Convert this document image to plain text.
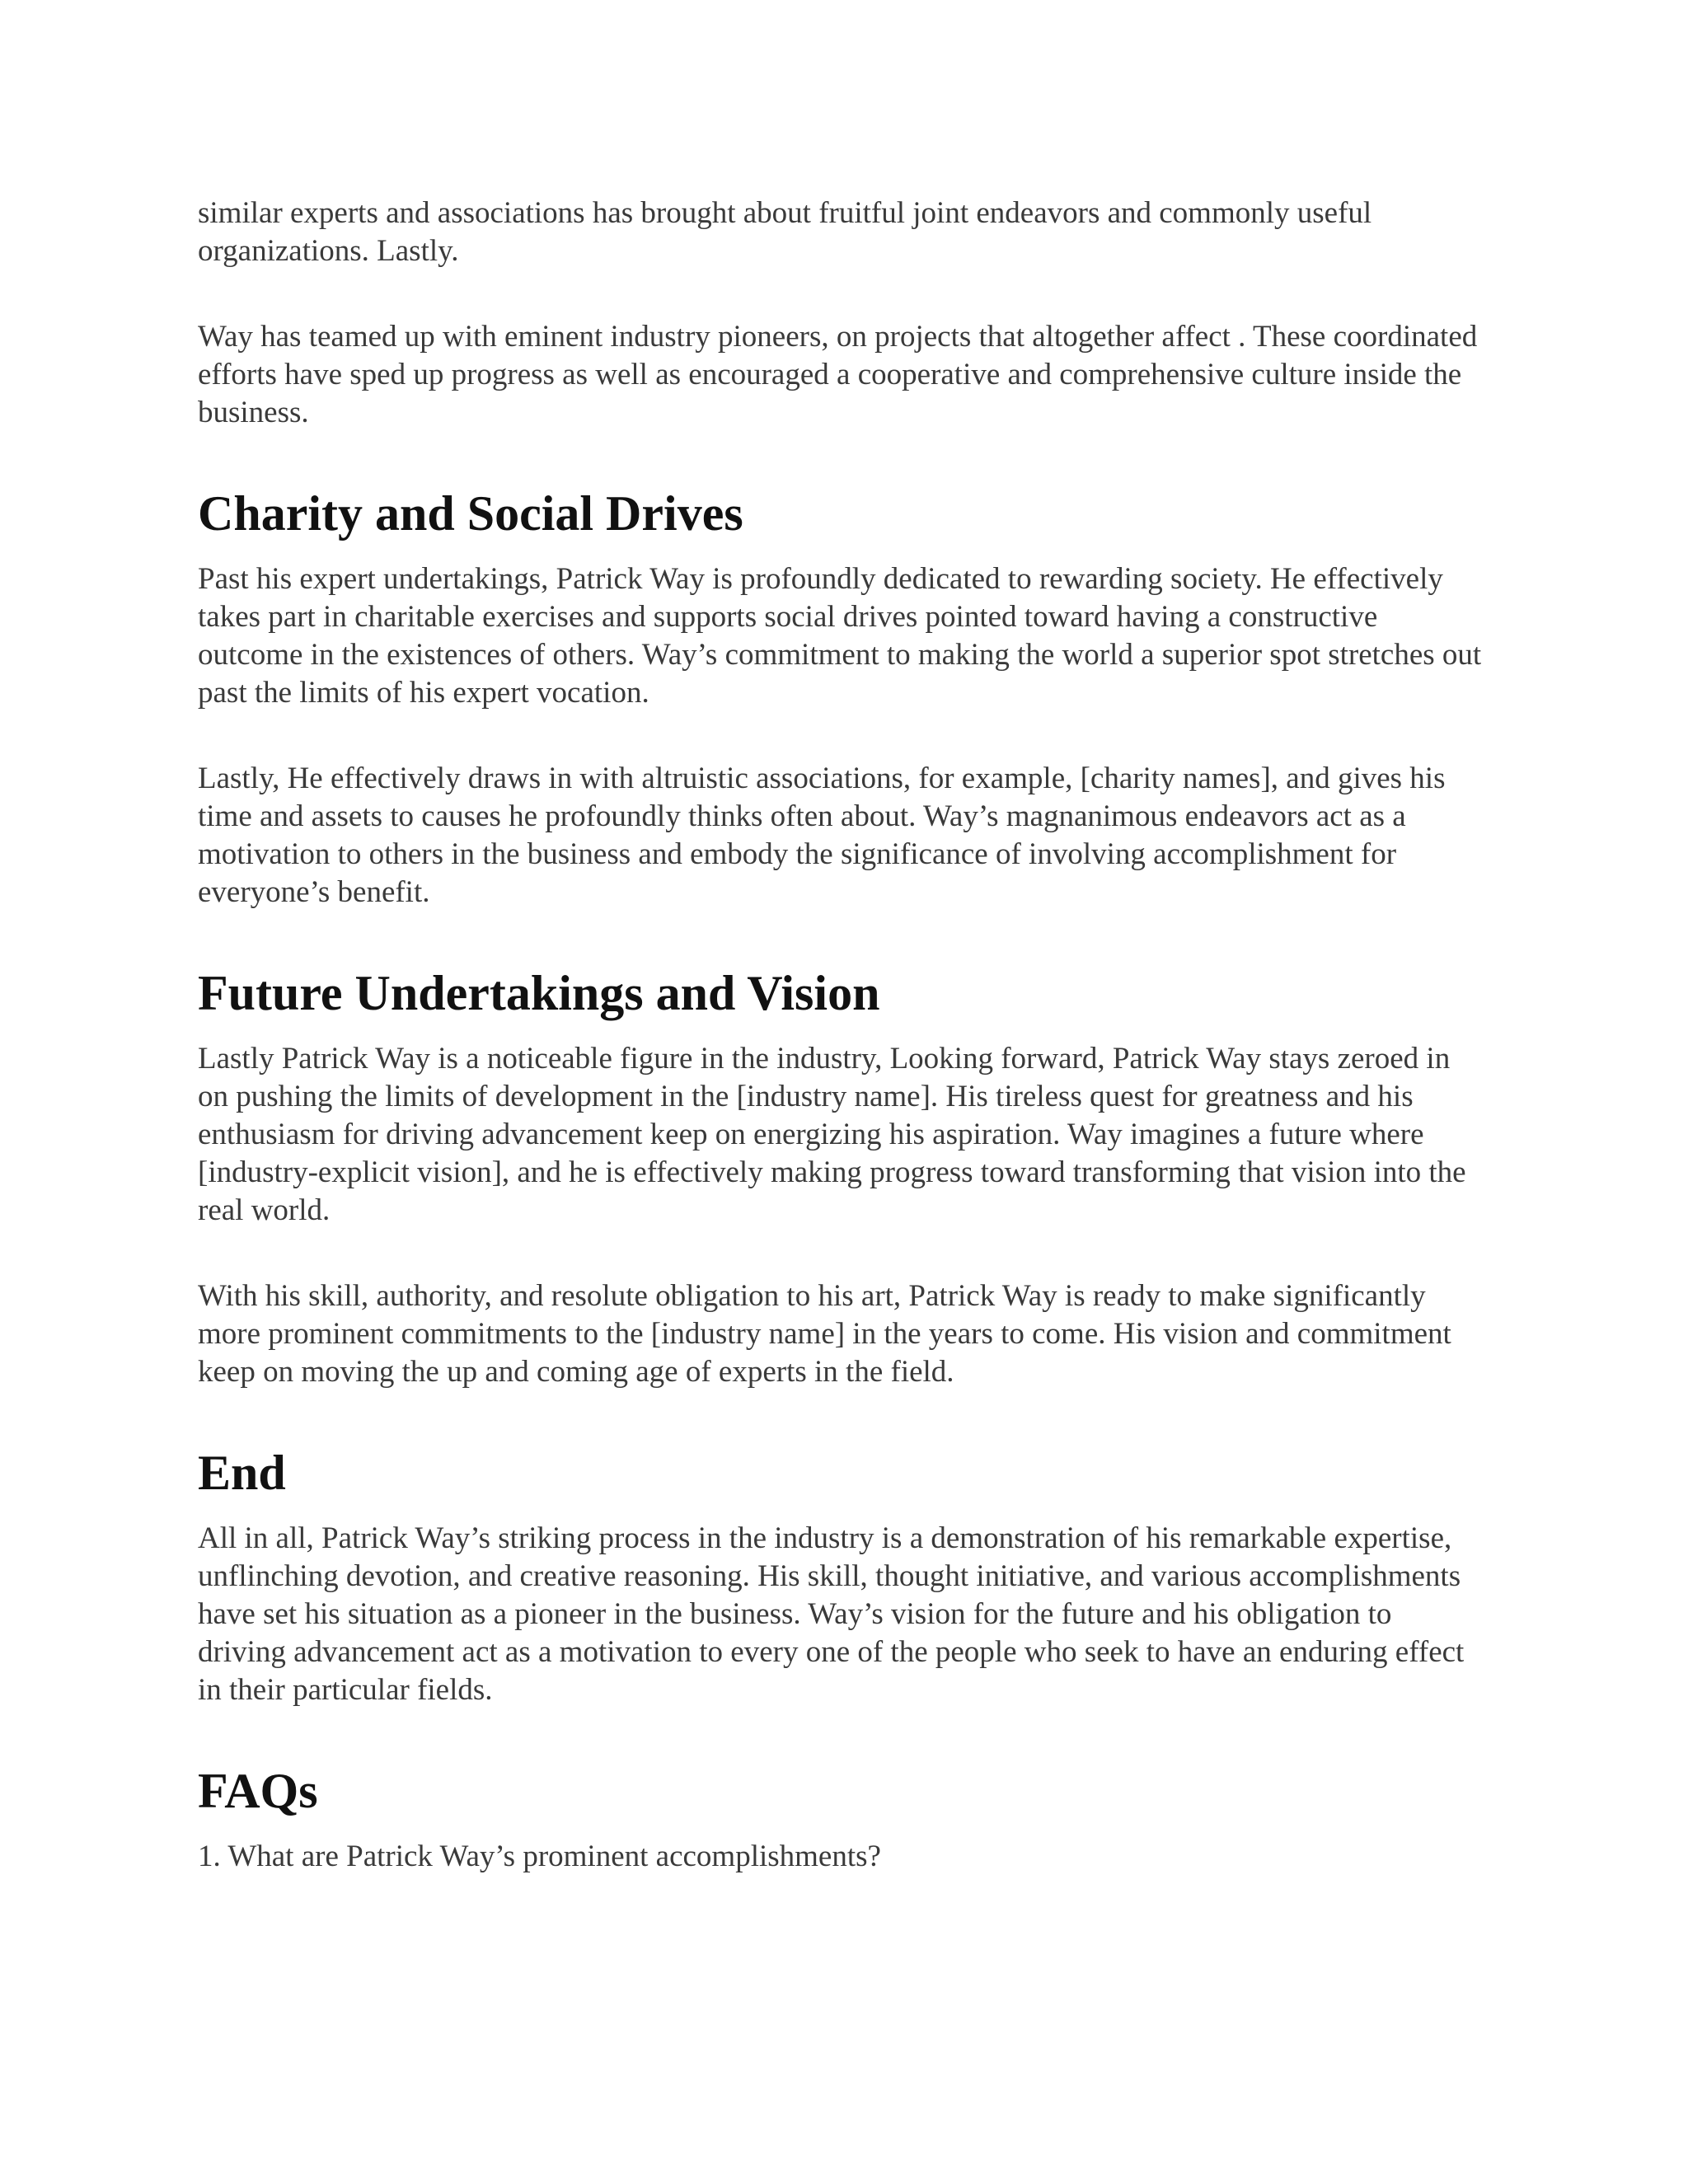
similar experts and associations has brought about fruitful joint endeavors and commonly useful organizations. Lastly.

Way has teamed up with eminent industry pioneers, on projects that altogether affect . These coordinated efforts have sped up progress as well as encouraged a cooperative and comprehensive culture inside the business.

Charity and Social Drives

Past his expert undertakings, Patrick Way is profoundly dedicated to rewarding society. He effectively takes part in charitable exercises and supports social drives pointed toward having a constructive outcome in the existences of others. Way’s commitment to making the world a superior spot stretches out past the limits of his expert vocation.

Lastly, He effectively draws in with altruistic associations, for example, [charity names], and gives his time and assets to causes he profoundly thinks often about. Way’s magnanimous endeavors act as a motivation to others in the business and embody the significance of involving accomplishment for everyone’s benefit.

Future Undertakings and Vision

Lastly Patrick Way is a noticeable figure in the industry, Looking forward, Patrick Way stays zeroed in on pushing the limits of development in the [industry name]. His tireless quest for greatness and his enthusiasm for driving advancement keep on energizing his aspiration. Way imagines a future where [industry-explicit vision], and he is effectively making progress toward transforming that vision into the real world.

With his skill, authority, and resolute obligation to his art, Patrick Way is ready to make significantly more prominent commitments to the [industry name] in the years to come. His vision and commitment keep on moving the up and coming age of experts in the field.

End

All in all, Patrick Way’s striking process in the industry is a demonstration of his remarkable expertise, unflinching devotion, and creative reasoning. His skill, thought initiative, and various accomplishments have set his situation as a pioneer in the business. Way’s vision for the future and his obligation to driving advancement act as a motivation to every one of the people who seek to have an enduring effect in their particular fields.

FAQs

1. What are Patrick Way’s prominent accomplishments?
